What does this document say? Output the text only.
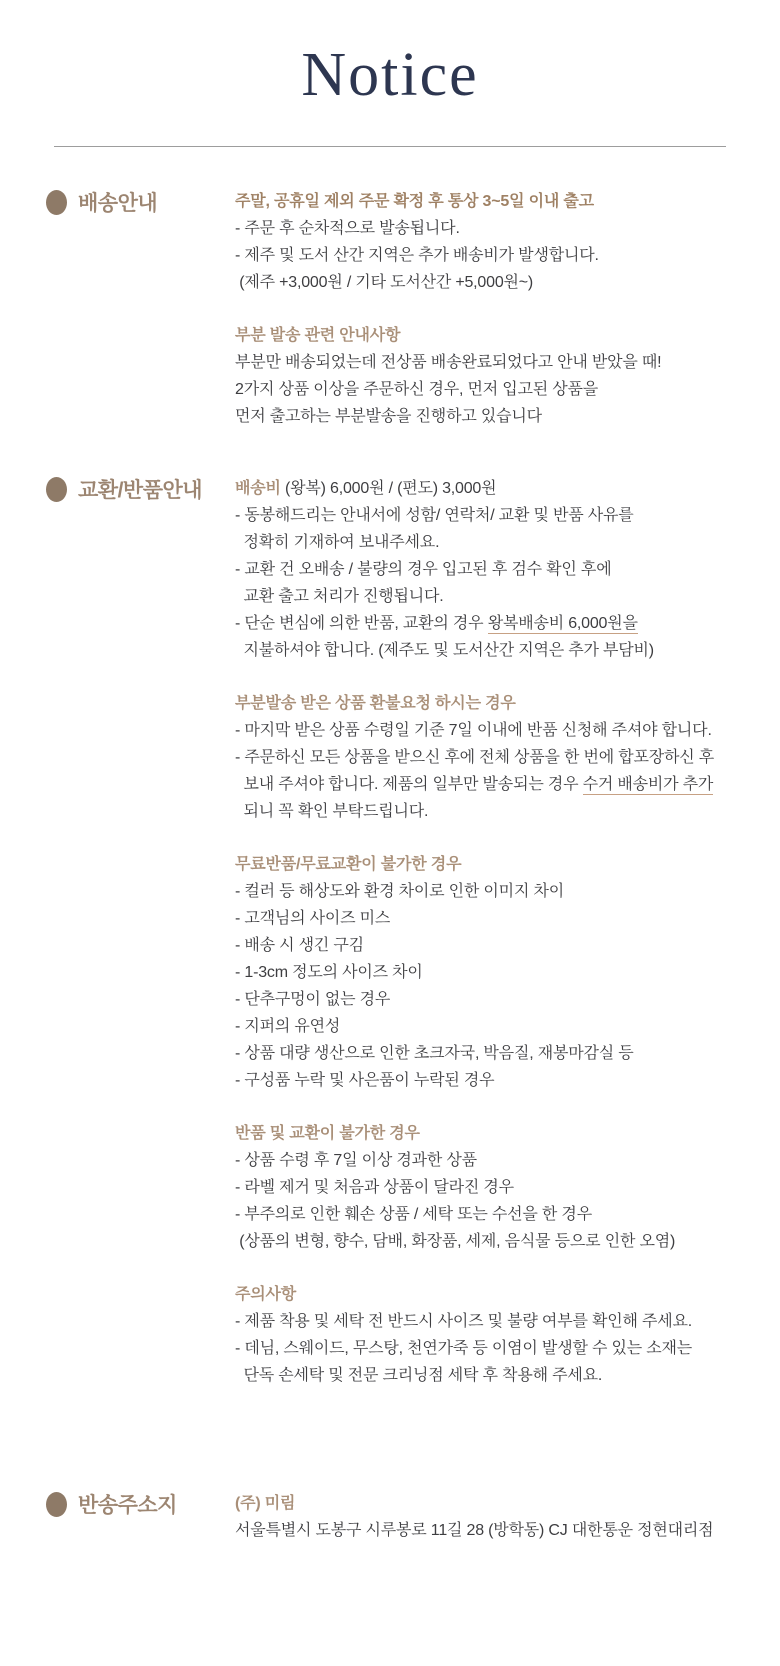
Notice
배송안내	주말, 공휴일 제외 주문 확정 후 통상 3~5일 이내 출고
- 주문 후 순차적으로 발송됩니다.
- 제주 및 도서 산간 지역은 추가 배송비가 발생합니다.
(제주 +3,000원 / 기타 도서산간 +5,000원~)
부분 발송 관련 안내사항
부분만 배송되었는데 전상품 배송완료되었다고 안내 받았을 때!
2가지 상품 이상을 주문하신 경우, 먼저 입고된 상품을
먼저 출고하는 부분발송을 진행하고 있습니다
교환/반품안내 배송비 (왕복) 6,000원 / (편도) 3,000원
- 동봉해드리는 안내서에 성함/ 연락처/ 교환 및 반품 사유를
정확히 기재하여 보내주세요.
- 교환 건 오배송 / 불량의 경우 입고된 후 검수 확인 후에
교환 출고 처리가 진행됩니다.
- 단순 변심에 의한 반품, 교환의 경우 왕복배송비 6,000원을
지불하셔야 합니다. (제주도 및 도서산간 지역은 추가 부담비)
부분발송 받은 상품 환불요청 하시는 경우
- 마지막 받은 상품 수령일 기준 7일 이내에 반품 신청해 주셔야 합니다.
- 주문하신 모든 상품을 받으신 후에 전체 상품을 한 번에 합포장하신 후
보내 주셔야 합니다. 제품의 일부만 발송되는 경우 수거 배송비가 추가
되니 꼭 확인 부탁드립니다.
무료반품/무료교환이 불가한 경우
- 컬러 등 해상도와 환경 차이로 인한 이미지 차이
- 고객님의 사이즈 미스
- 배송 시 생긴 구김
- 1-3cm 정도의 사이즈 차이
- 단추구멍이 없는 경우
- 지퍼의 유연성
- 상품 대량 생산으로 인한 초크자국, 박음질, 재봉마감실 등
- 구성품 누락 및 사은품이 누락된 경우
반품 및 교환이 불가한 경우
- 상품 수령 후 7일 이상 경과한 상품
- 라벨 제거 및 처음과 상품이 달라진 경우
- 부주의로 인한 훼손 상품 / 세탁 또는 수선을 한 경우
(상품의 변형, 향수, 담배, 화장품, 세제, 음식물 등으로 인한 오염)
주의사항
- 제품 착용 및 세탁 전 반드시 사이즈 및 불량 여부를 확인해 주세요.
- 데님, 스웨이드, 무스탕, 천연가죽 등 이염이 발생할 수 있는 소재는
단독 손세탁 및 전문 크리닝점 세탁 후 착용해 주세요.
반송주소지	(주) 미림
서울특별시 도봉구 시루봉로 11길 28 (방학동) CJ 대한통운 정현대리점
